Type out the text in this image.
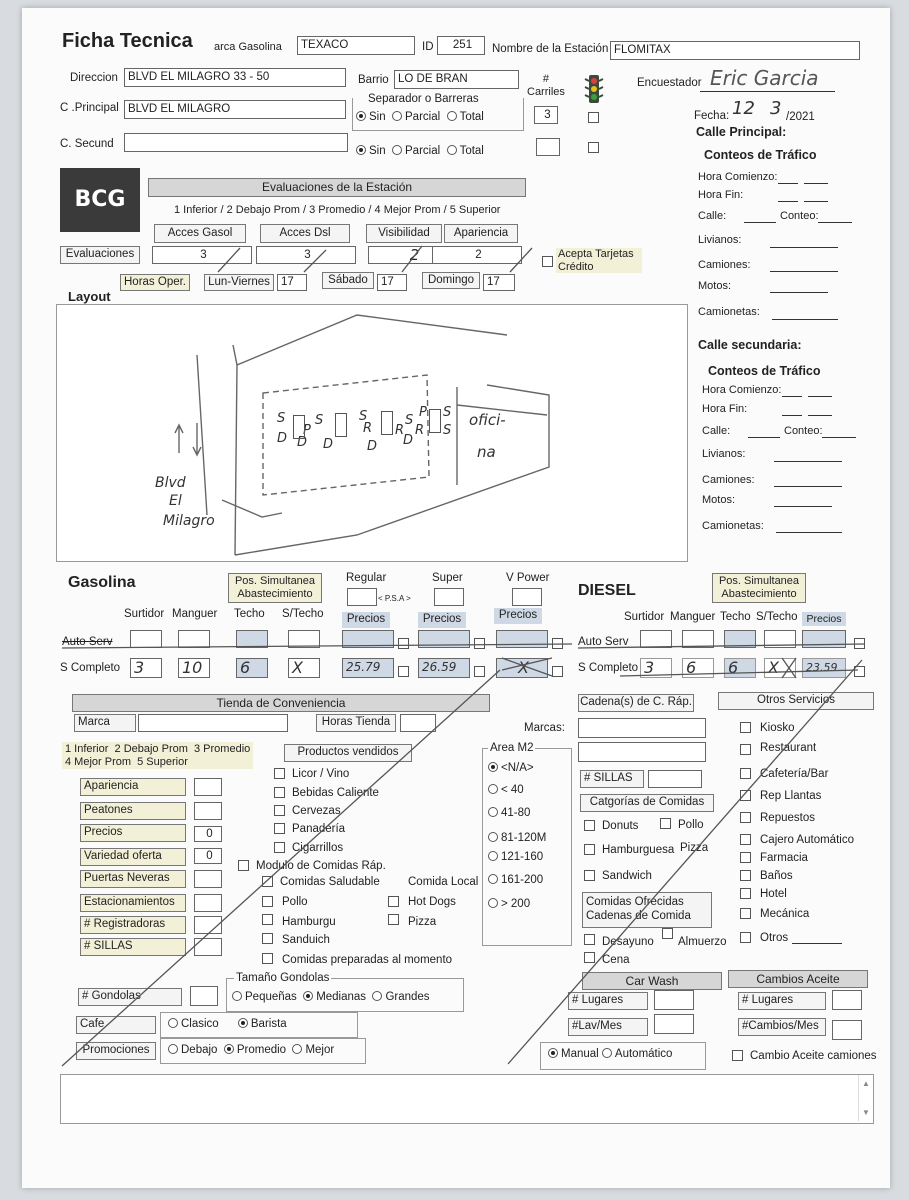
Ficha Tecnica arca Gasolina	TEXACO	ID	251	Nombre de la Estación FLOMITAX
Direccion BLVD EL MILAGRO 33 - 50	Barrio LO DE BRAN	#
Carriles
Encuestador Eric Garcia
C .Principal BLVD EL MILAGRO
Separador o Barreras
Sin Parcial Total	3	Fecha: 12 3 /2021
Calle Principal:
C. Secund
Sin Parcial Total
BCG	Evaluaciones de la Estación
1 Inferior / 2 Debajo Prom / 3 Promedio / 4 Mejor Prom / 5 Superior
Acces Gasol	Acces Dsl	Visibilidad	Apariencia
Evaluaciones	3	3	2	2	Acepta Tarjetas
Crédito
Horas Oper.	Lun-Viernes 17	Sábado	17	Domingo	17
Layout
S
D
S
D
S
R
D
S
P
R
D
S
P
D
R S
Blvd
El
Milagro
ofici-
na
Conteos de Tráfico
Hora Comienzo:
Hora Fin:
Calle:	Conteo:
Livianos:
Camiones:
Motos:
Camionetas:
Calle secundaria:
Conteos de Tráfico
Hora Comienzo:
Hora Fin:
Calle:	Conteo:
Livianos:
Camiones:
Motos:
Camionetas:
Gasolina	Pos. Simultanea
Abastecimiento
Regular	Super	V Power
< P.S.A >
Surtidor Manguer Techo S/Techo	Precios	Precios	Precios
Auto Serv
S Completo 3	10	6	X	25.79	26.59	X
DIESEL
Pos. Simultanea
Abastecimiento
Surtidor Manguer Techo S/Techo Precios
Auto Serv
S Completo 3	6	6	X	23.59
Tienda de Conveniencia
Marca	Horas Tienda
1 Inferior  2 Debajo Prom  3 Promedio
4 Mejor Prom  5 Superior
Productos vendidos
Apariencia
Peatones
Precios	0
Variedad oferta	0
Puertas Neveras
Estacionamientos
# Registradoras
# SILLAS
Licor / Vino
Bebidas Caliente
Cervezas
Panadería
Cigarrillos
Modulo de Comidas Ráp.
Comidas Saludable Comida Local
Pollo	Hot Dogs
Hamburgu	Pizza
Sanduich
Comidas preparadas al momento
Area M2
<N/A>
< 40
41-80
81-120M
121-160
161-200
> 200
# Gondolas
Tamaño Gondolas
Pequeñas Medianas Grandes
Cafe	Clasico	Barista
Promociones	Debajo Promedio Mejor
Cadena(s) de C. Ráp.
Marcas:
# SILLAS
Catgorías de Comidas
Donuts	Pollo
Hamburguesa Pizza
Sandwich
Comidas Ofrecidas
Cadenas de Comida
Desayuno Almuerzo
Cena
Otros Servicios
Kiosko
Restaurant
Cafetería/Bar
Rep Llantas
Repuestos
Cajero Automático
Farmacia
Baños
Hotel
Mecánica
Otros
Car Wash
# Lugares
#Lav/Mes
Manual Automático
Cambios Aceite
# Lugares
#Cambios/Mes
Cambio Aceite camiones
▲
▼
